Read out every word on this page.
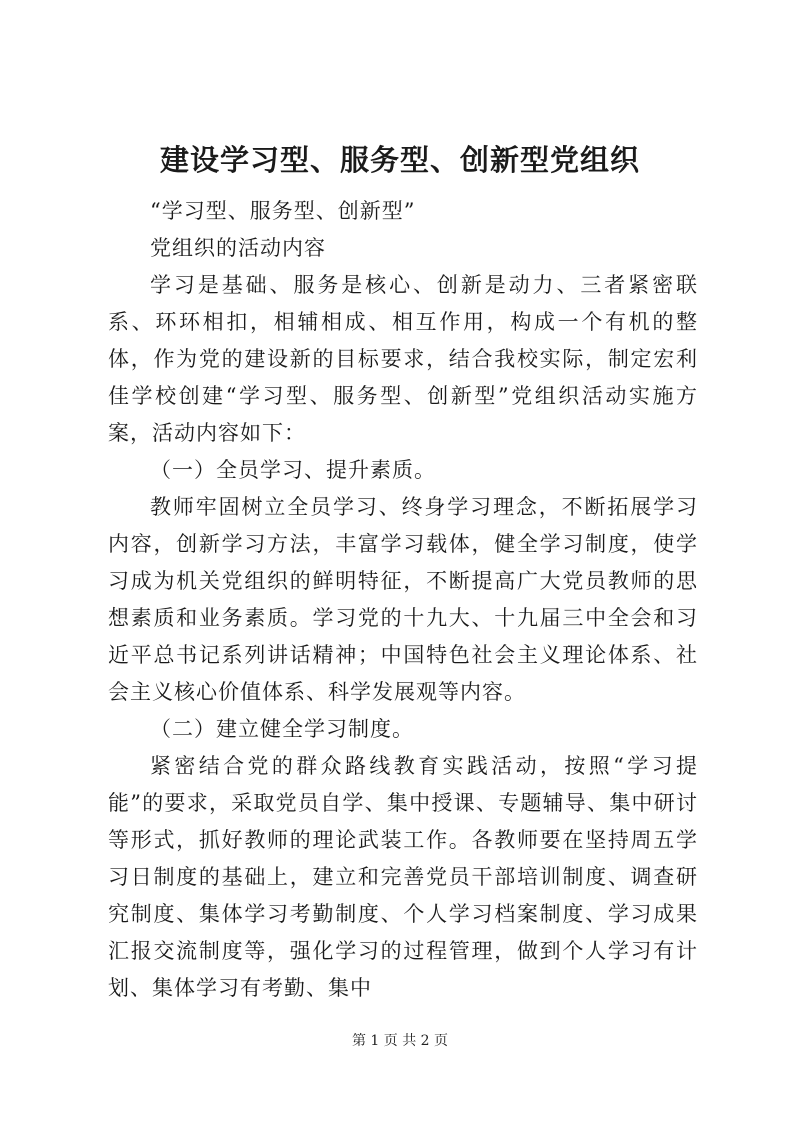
建设学习型、服务型、创新型党组织

“学习型、服务型、创新型”

党组织的活动内容

学习是基础、服务是核心、创新是动力、三者紧密联系、环环相扣，相辅相成、相互作用，构成一个有机的整体，作为党的建设新的目标要求，结合我校实际，制定宏利佳学校创建“学习型、服务型、创新型”党组织活动实施方案，活动内容如下：

（一）全员学习、提升素质。

教师牢固树立全员学习、终身学习理念，不断拓展学习内容，创新学习方法，丰富学习载体，健全学习制度，使学习成为机关党组织的鲜明特征，不断提高广大党员教师的思想素质和业务素质。学习党的十九大、十九届三中全会和习近平总书记系列讲话精神；中国特色社会主义理论体系、社会主义核心价值体系、科学发展观等内容。

（二）建立健全学习制度。

紧密结合党的群众路线教育实践活动，按照“学习提能”的要求，采取党员自学、集中授课、专题辅导、集中研讨等形式，抓好教师的理论武装工作。各教师要在坚持周五学习日制度的基础上，建立和完善党员干部培训制度、调查研究制度、集体学习考勤制度、个人学习档案制度、学习成果汇报交流制度等，强化学习的过程管理，做到个人学习有计划、集体学习有考勤、集中

第 1 页 共 2 页
